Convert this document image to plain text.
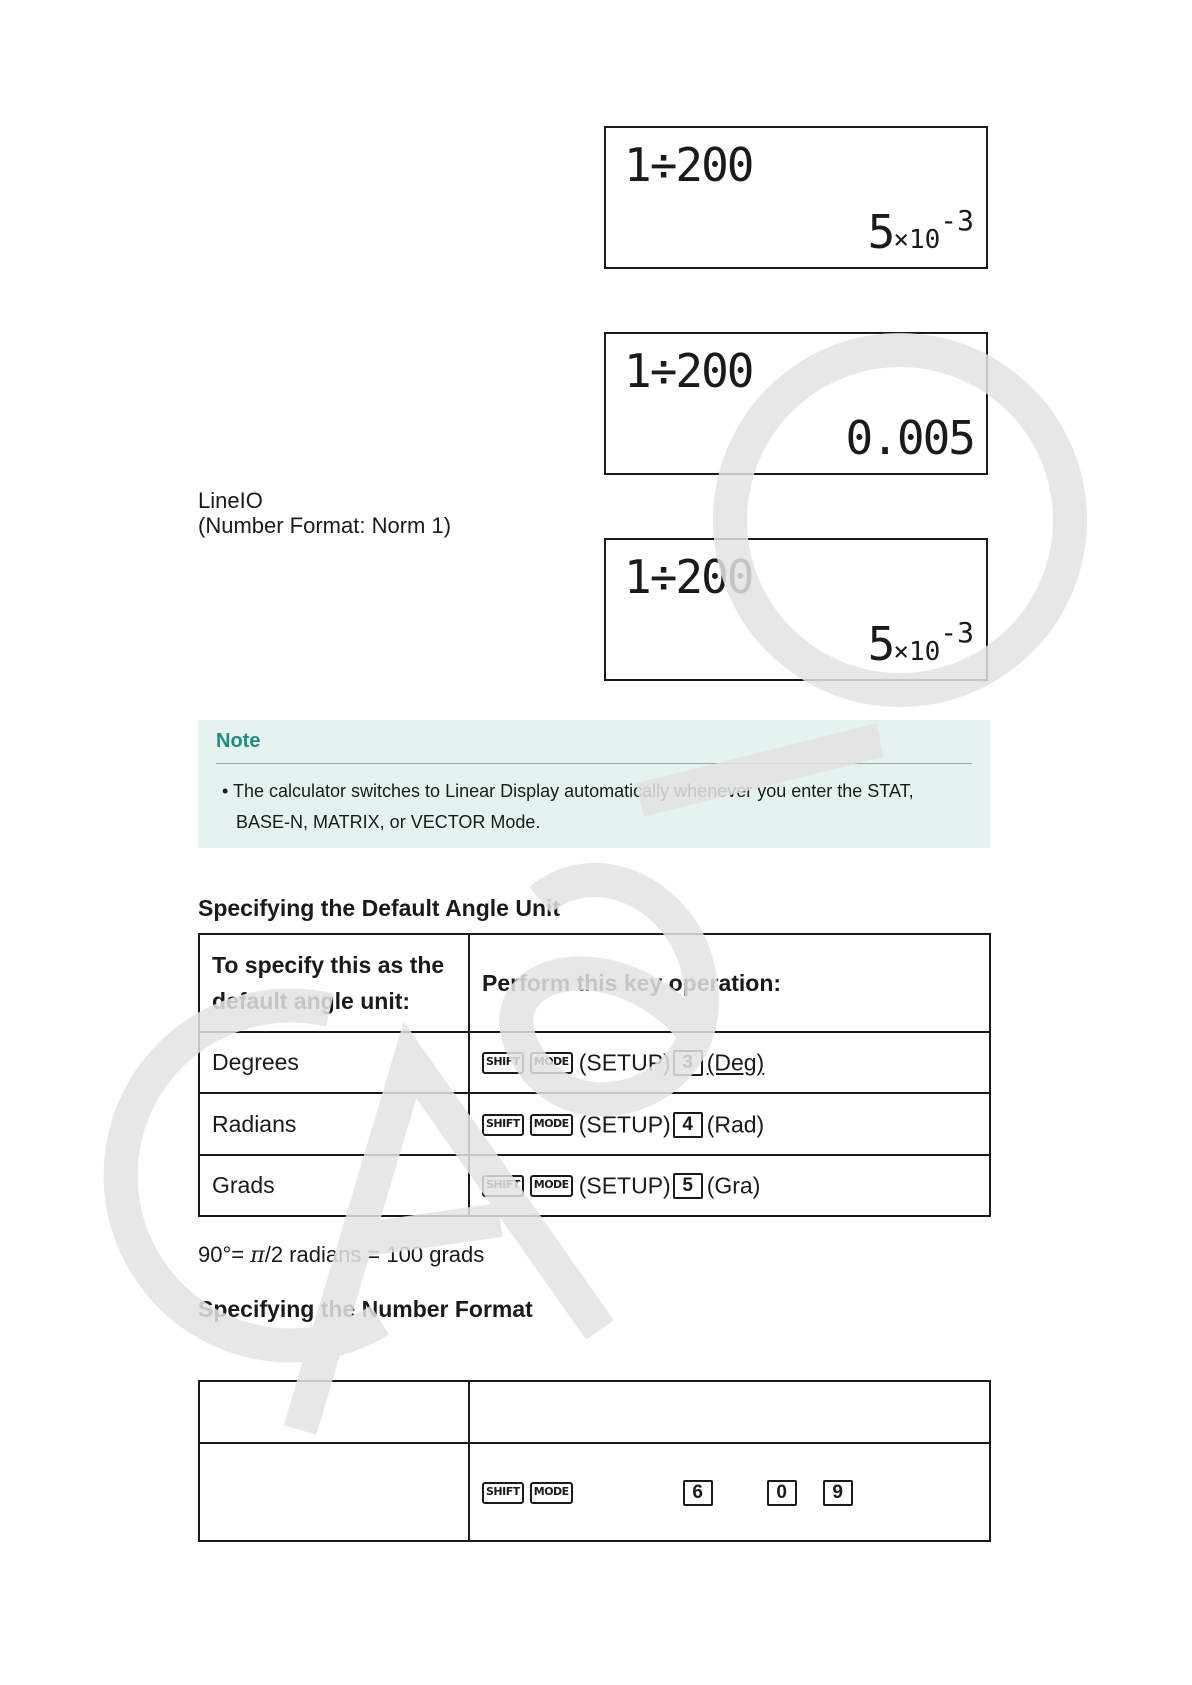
1÷200
$5\times 10^{-3}$
1÷200
0.005
LineIO
(Number Format: Norm 1)
1÷200
$5\times 10^{-3}$
Note
• The calculator switches to Linear Display automatically whenever you enter the STAT, BASE-N, MATRIX, or VECTOR Mode.
Specifying the Default Angle Unit
To specify this as the default angle unit:	Perform this key operation:
Degrees	SHIFT MODE (SETUP) 3 (Deg)
Radians	SHIFT MODE (SETUP) 4 (Rad)
Grads	SHIFT MODE (SETUP) 5 (Gra)
90°= π/2 radians = 100 grads
Specifying the Number Format

	SHIFT MODE 6 0 9
